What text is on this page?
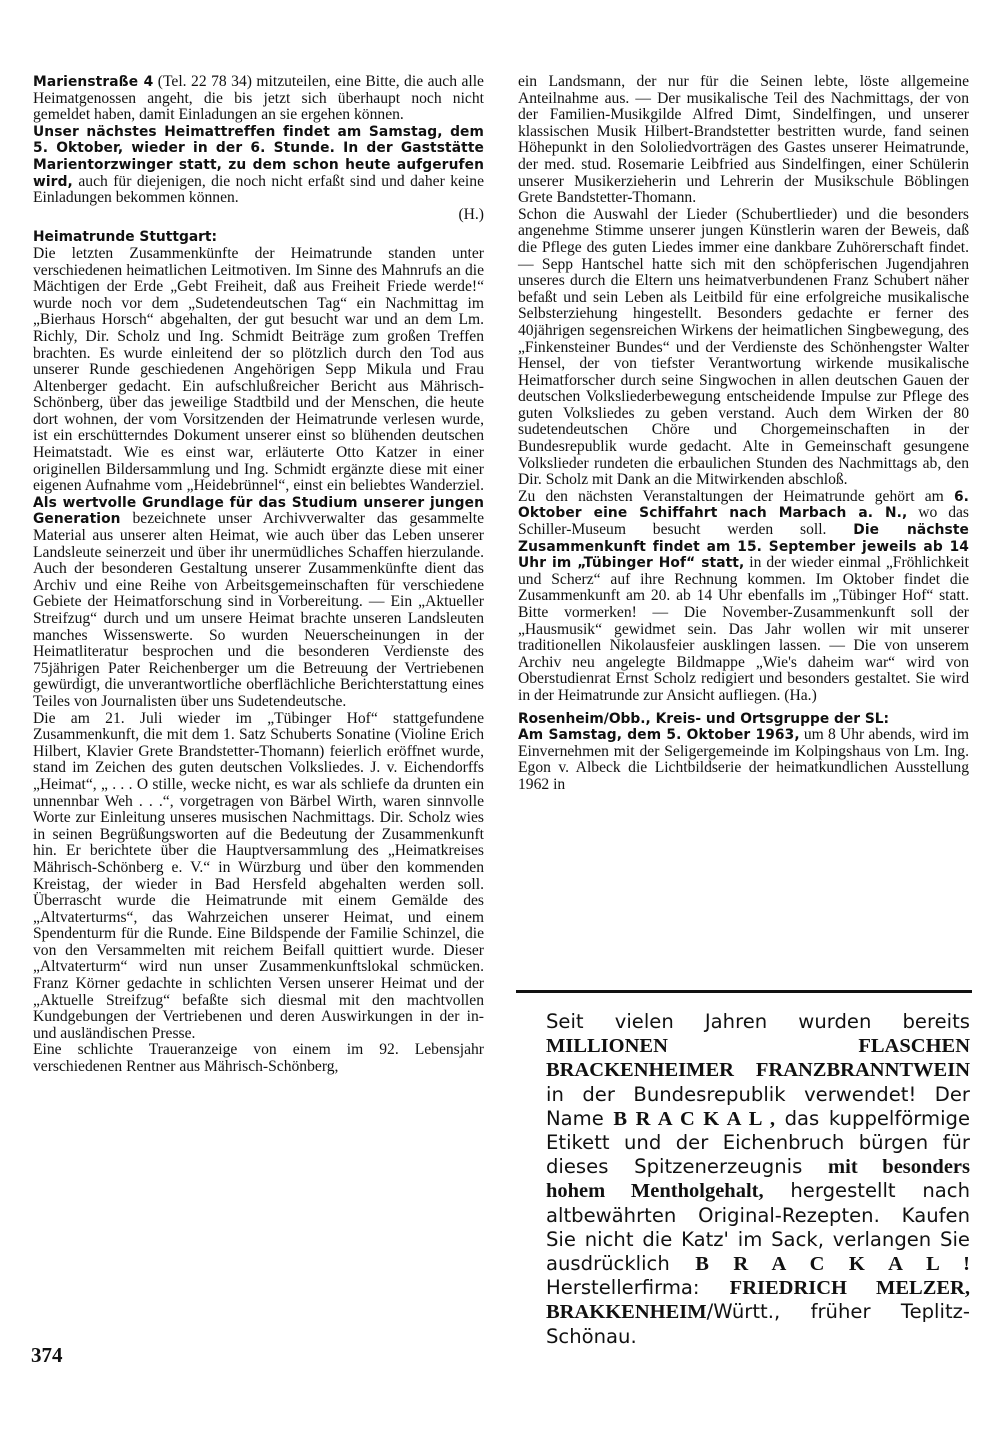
Marienstraße 4 (Tel. 22 78 34) mitzuteilen, eine Bitte, die auch alle Heimatgenossen angeht, die bis jetzt sich überhaupt noch nicht gemeldet haben, damit Einladungen an sie ergehen können.

Unser nächstes Heimattreffen findet am Samstag, dem 5. Oktober, wieder in der 6. Stunde. In der Gaststätte Marientorzwinger statt, zu dem schon heute aufgerufen wird, auch für diejenigen, die noch nicht erfaßt sind und daher keine Einladungen bekommen können.

(H.)

Heimatrunde Stuttgart:

Die letzten Zusammenkünfte der Heimatrunde standen unter verschiedenen heimatlichen Leitmotiven. Im Sinne des Mahnrufs an die Mächtigen der Erde „Gebt Freiheit, daß aus Freiheit Friede werde!“ wurde noch vor dem „Sudetendeutschen Tag“ ein Nachmittag im „Bierhaus Horsch“ abgehalten, der gut besucht war und an dem Lm. Richly, Dir. Scholz und Ing. Schmidt Beiträge zum großen Treffen brachten. Es wurde einleitend der so plötzlich durch den Tod aus unserer Runde geschiedenen Angehörigen Sepp Mikula und Frau Altenberger gedacht. Ein aufschlußreicher Bericht aus Mährisch-Schönberg, über das jeweilige Stadtbild und der Menschen, die heute dort wohnen, der vom Vorsitzenden der Heimatrunde verlesen wurde, ist ein erschütterndes Dokument unserer einst so blühenden deutschen Heimatstadt. Wie es einst war, erläuterte Otto Katzer in einer originellen Bildersammlung und Ing. Schmidt ergänzte diese mit einer eigenen Aufnahme vom „Heidebrünnel“, einst ein beliebtes Wanderziel. Als wertvolle Grundlage für das Studium unserer jungen Generation bezeichnete unser Archivverwalter das gesammelte Material aus unserer alten Heimat, wie auch über das Leben unserer Landsleute seinerzeit und über ihr unermüdliches Schaffen hierzulande. Auch der besonderen Gestaltung unserer Zusammenkünfte dient das Archiv und eine Reihe von Arbeitsgemeinschaften für verschiedene Gebiete der Heimatforschung sind in Vorbereitung. — Ein „Aktueller Streifzug“ durch und um unsere Heimat brachte unseren Landsleuten manches Wissenswerte. So wurden Neuerscheinungen in der Heimatliteratur besprochen und die besonderen Verdienste des 75jährigen Pater Reichenberger um die Betreuung der Vertriebenen gewürdigt, die unverantwortliche oberflächliche Berichterstattung eines Teiles von Journalisten über uns Sudetendeutsche.

Die am 21. Juli wieder im „Tübinger Hof“ stattgefundene Zusammenkunft, die mit dem 1. Satz Schuberts Sonatine (Violine Erich Hilbert, Klavier Grete Brandstetter-Thomann) feierlich eröffnet wurde, stand im Zeichen des guten deutschen Volksliedes. J. v. Eichendorffs „Heimat“, „ . . . O stille, wecke nicht, es war als schliefe da drunten ein unnennbar Weh . . .“, vorgetragen von Bärbel Wirth, waren sinnvolle Worte zur Einleitung unseres musischen Nachmittags. Dir. Scholz wies in seinen Begrüßungsworten auf die Bedeutung der Zusammenkunft hin. Er berichtete über die Hauptversammlung des „Heimatkreises Mährisch-Schönberg e. V.“ in Würzburg und über den kommenden Kreistag, der wieder in Bad Hersfeld abgehalten werden soll. Überrascht wurde die Heimatrunde mit einem Gemälde des „Altvaterturms“, das Wahrzeichen unserer Heimat, und einem Spendenturm für die Runde. Eine Bildspende der Familie Schinzel, die von den Versammelten mit reichem Beifall quittiert wurde. Dieser „Altvaterturm“ wird nun unser Zusammenkunftslokal schmücken. Franz Körner gedachte in schlichten Versen unserer Heimat und der „Aktuelle Streifzug“ befaßte sich diesmal mit den machtvollen Kundgebungen der Vertriebenen und deren Auswirkungen in der in- und ausländischen Presse.

Eine schlichte Traueranzeige von einem im 92. Lebensjahr verschiedenen Rentner aus Mährisch-Schönberg,

ein Landsmann, der nur für die Seinen lebte, löste allgemeine Anteilnahme aus. — Der musikalische Teil des Nachmittags, der von der Familien-Musikgilde Alfred Dimt, Sindelfingen, und unserer klassischen Musik Hilbert-Brandstetter bestritten wurde, fand seinen Höhepunkt in den Sololiedvorträgen des Gastes unserer Heimatrunde, der med. stud. Rosemarie Leibfried aus Sindelfingen, einer Schülerin unserer Musikerzieherin und Lehrerin der Musikschule Böblingen Grete Bandstetter-Thomann.

Schon die Auswahl der Lieder (Schubertlieder) und die besonders angenehme Stimme unserer jungen Künstlerin waren der Beweis, daß die Pflege des guten Liedes immer eine dankbare Zuhörerschaft findet. — Sepp Hantschel hatte sich mit den schöpferischen Jugendjahren unseres durch die Eltern uns heimatverbundenen Franz Schubert näher befaßt und sein Leben als Leitbild für eine erfolgreiche musikalische Selbsterziehung hingestellt. Besonders gedachte er ferner des 40jährigen segensreichen Wirkens der heimatlichen Singbewegung, des „Finkensteiner Bundes“ und der Verdienste des Schönhengster Walter Hensel, der von tiefster Verantwortung wirkende musikalische Heimatforscher durch seine Singwochen in allen deutschen Gauen der deutschen Volksliederbewegung entscheidende Impulse zur Pflege des guten Volksliedes zu geben verstand. Auch dem Wirken der 80 sudetendeutschen Chöre und Chorgemeinschaften in der Bundesrepublik wurde gedacht. Alte in Gemeinschaft gesungene Volkslieder rundeten die erbaulichen Stunden des Nachmittags ab, den Dir. Scholz mit Dank an die Mitwirkenden abschloß.

Zu den nächsten Veranstaltungen der Heimatrunde gehört am 6. Oktober eine Schiffahrt nach Marbach a. N., wo das Schiller-Museum besucht werden soll. Die nächste Zusammenkunft findet am 15. September jeweils ab 14 Uhr im „Tübinger Hof“ statt, in der wieder einmal „Fröhlichkeit und Scherz“ auf ihre Rechnung kommen. Im Oktober findet die Zusammenkunft am 20. ab 14 Uhr ebenfalls im „Tübinger Hof“ statt. Bitte vormerken! — Die November-Zusammenkunft soll der „Hausmusik“ gewidmet sein. Das Jahr wollen wir mit unserer traditionellen Nikolausfeier ausklingen lassen. — Die von unserem Archiv neu angelegte Bildmappe „Wie's daheim war“ wird von Oberstudienrat Ernst Scholz redigiert und besonders gestaltet. Sie wird in der Heimatrunde zur Ansicht aufliegen. (Ha.)

Rosenheim/Obb., Kreis- und Ortsgruppe der SL:

Am Samstag, dem 5. Oktober 1963, um 8 Uhr abends, wird im Einvernehmen mit der Seligergemeinde im Kolpingshaus von Lm. Ing. Egon v. Albeck die Lichtbildserie der heimatkundlichen Ausstellung 1962 in

Seit vielen Jahren wurden bereits MILLIONEN FLASCHEN BRACKENHEIMER FRANZBRANNTWEIN in der Bundesrepublik verwendet! Der Name B R A C K A L , das kuppelförmige Etikett und der Eichenbruch bürgen für dieses Spitzenerzeugnis mit besonders hohem Mentholgehalt, hergestellt nach altbewährten Original-Rezepten. Kaufen Sie nicht die Katz' im Sack, verlangen Sie ausdrücklich B R A C K A L ! Herstellerfirma: FRIEDRICH MELZER, BRAKKENHEIM/Württ., früher Teplitz-Schönau.

374
